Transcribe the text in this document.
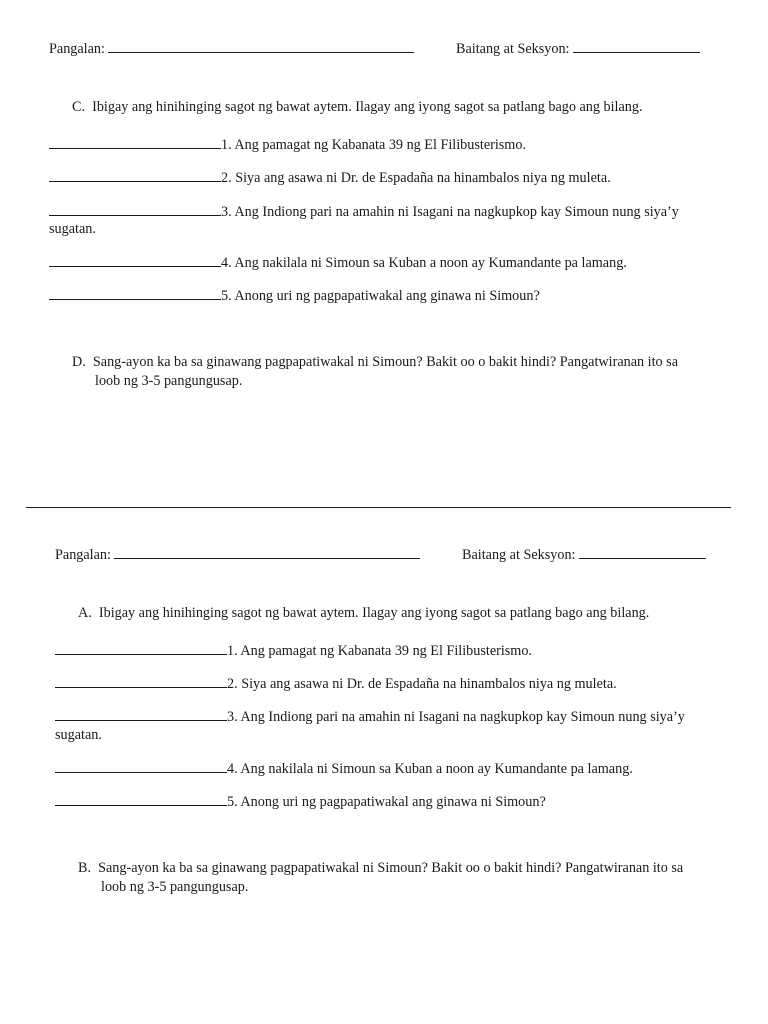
Pangalan:	Baitang at Seksyon:
C. Ibigay ang hinihinging sagot ng bawat aytem. Ilagay ang iyong sagot sa patlang bago ang bilang.
1. Ang pamagat ng Kabanata 39 ng El Filibusterismo.
2. Siya ang asawa ni Dr. de Espadaña na hinambalos niya ng muleta.
3. Ang Indiong pari na amahin ni Isagani na nagkupkop kay Simoun nung siya’y
sugatan.
4. Ang nakilala ni Simoun sa Kuban a noon ay Kumandante pa lamang.
5. Anong uri ng pagpapatiwakal ang ginawa ni Simoun?
D. Sang-ayon ka ba sa ginawang pagpapatiwakal ni Simoun? Bakit oo o bakit hindi? Pangatwiranan ito sa
loob ng 3-5 pangungusap.
Pangalan:	Baitang at Seksyon:
A. Ibigay ang hinihinging sagot ng bawat aytem. Ilagay ang iyong sagot sa patlang bago ang bilang.
1. Ang pamagat ng Kabanata 39 ng El Filibusterismo.
2. Siya ang asawa ni Dr. de Espadaña na hinambalos niya ng muleta.
3. Ang Indiong pari na amahin ni Isagani na nagkupkop kay Simoun nung siya’y
sugatan.
4. Ang nakilala ni Simoun sa Kuban a noon ay Kumandante pa lamang.
5. Anong uri ng pagpapatiwakal ang ginawa ni Simoun?
B. Sang-ayon ka ba sa ginawang pagpapatiwakal ni Simoun? Bakit oo o bakit hindi? Pangatwiranan ito sa
loob ng 3-5 pangungusap.
